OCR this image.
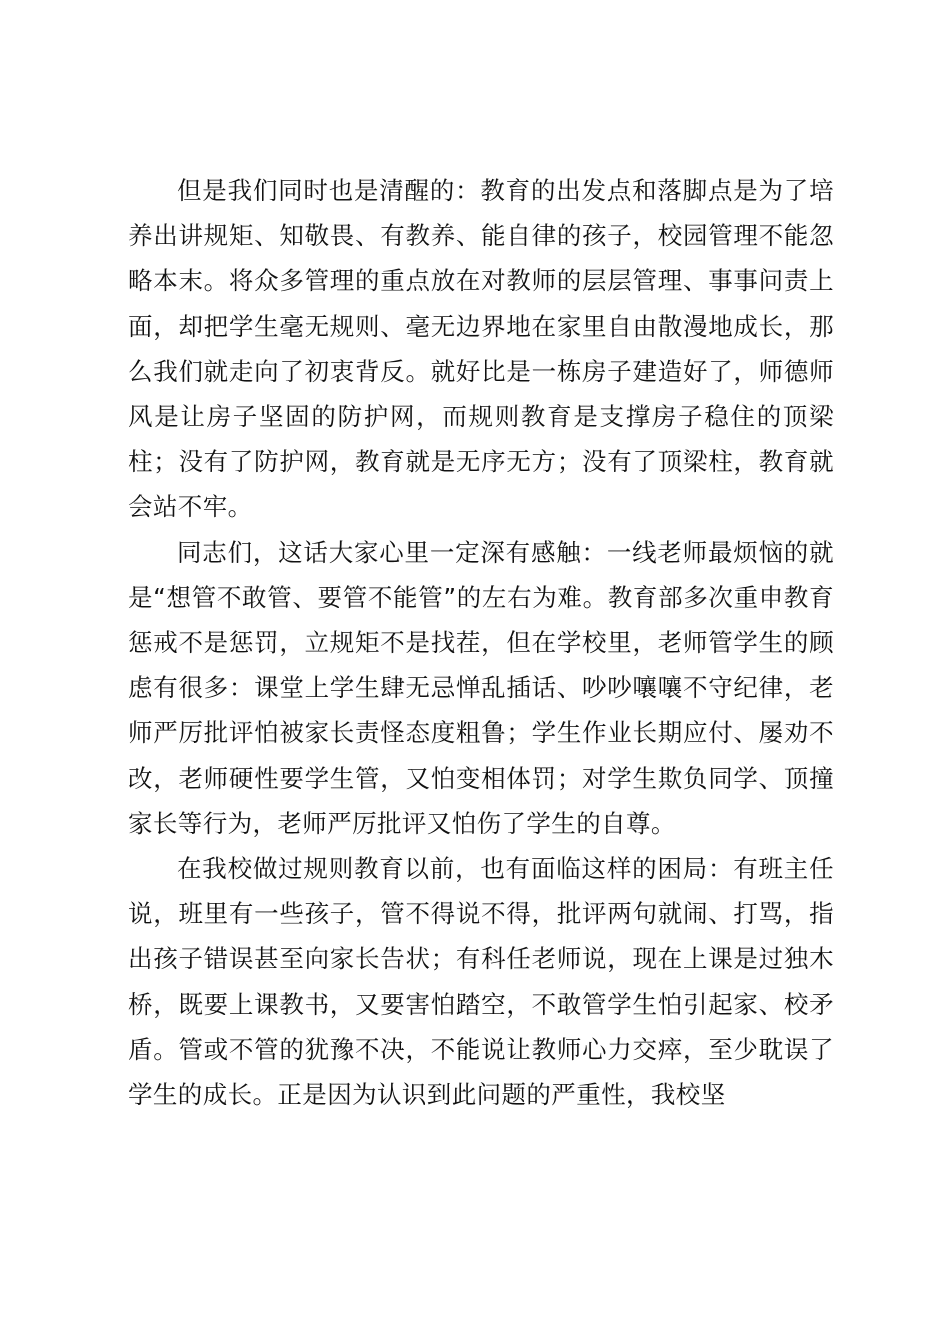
但是我们同时也是清醒的：教育的出发点和落脚点是为了培养出讲规矩、知敬畏、有教养、能自律的孩子，校园管理不能忽略本末。将众多管理的重点放在对教师的层层管理、事事问责上面，却把学生毫无规则、毫无边界地在家里自由散漫地成长，那么我们就走向了初衷背反。就好比是一栋房子建造好了，师德师风是让房子坚固的防护网，而规则教育是支撑房子稳住的顶梁柱；没有了防护网，教育就是无序无方；没有了顶梁柱，教育就会站不牢。

同志们，这话大家心里一定深有感触：一线老师最烦恼的就是“想管不敢管、要管不能管”的左右为难。教育部多次重申教育惩戒不是惩罚，立规矩不是找茬，但在学校里，老师管学生的顾虑有很多：课堂上学生肆无忌惮乱插话、吵吵嚷嚷不守纪律，老师严厉批评怕被家长责怪态度粗鲁；学生作业长期应付、屡劝不改，老师硬性要学生管，又怕变相体罚；对学生欺负同学、顶撞家长等行为，老师严厉批评又怕伤了学生的自尊。

在我校做过规则教育以前，也有面临这样的困局：有班主任说，班里有一些孩子，管不得说不得，批评两句就闹、打骂，指出孩子错误甚至向家长告状；有科任老师说，现在上课是过独木桥，既要上课教书，又要害怕踏空，不敢管学生怕引起家、校矛盾。管或不管的犹豫不决，不能说让教师心力交瘁，至少耽误了学生的成长。正是因为认识到此问题的严重性，我校坚
